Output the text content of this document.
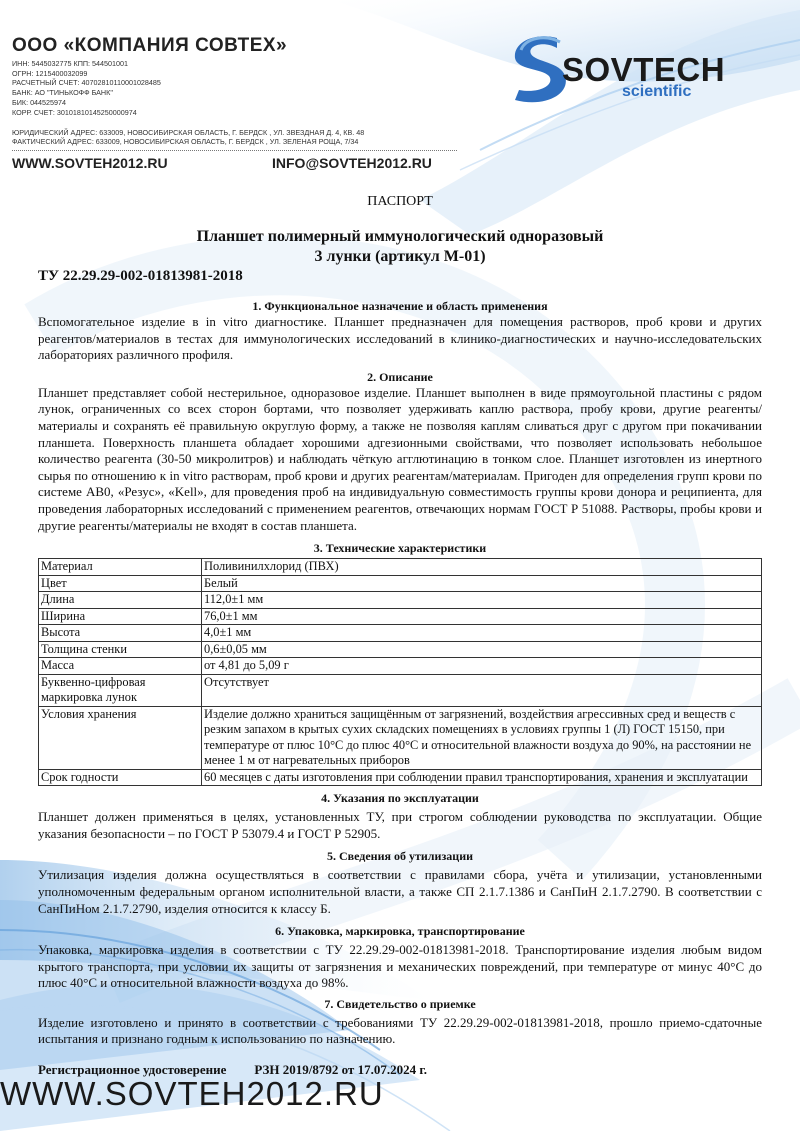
ООО «КОМПАНИЯ СОВТЕХ»
ИНН: 5445032775 КПП: 544501001
ОГРН: 1215400032099
РАСЧЕТНЫЙ СЧЕТ: 40702810110001028485
БАНК: АО "ТИНЬКОФФ БАНК"
БИК: 044525974
КОРР. СЧЕТ: 30101810145250000974
ЮРИДИЧЕСКИЙ АДРЕС: 633009, НОВОСИБИРСКАЯ ОБЛАСТЬ, Г. БЕРДСК , УЛ. ЗВЕЗДНАЯ Д. 4, КВ. 48
ФАКТИЧЕСКИЙ АДРЕС: 633009, НОВОСИБИРСКАЯ ОБЛАСТЬ, Г. БЕРДСК , УЛ. ЗЕЛЕНАЯ РОЩА, 7/34
WWW.SOVTEH2012.RU	INFO@SOVTEH2012.RU
SOVTECH
scientific
ПАСПОРТ
Планшет полимерный иммунологический одноразовый
3 лунки (артикул М-01)
ТУ 22.29.29-002-01813981-2018
1. Функциональное назначение и область применения

Вспомогательное изделие в in vitro диагностике. Планшет предназначен для помещения растворов, проб крови и других реагентов/материалов в тестах для иммунологических исследований в клинико-диагностических и научно-исследовательских лабораториях различного профиля.

2. Описание

Планшет представляет собой нестерильное, одноразовое изделие. Планшет выполнен в виде прямоугольной пластины с рядом лунок, ограниченных со всех сторон бортами, что позволяет удерживать каплю раствора, пробу крови, другие реагенты/материалы и сохранять её правильную округлую форму, а также не позволяя каплям сливаться друг с другом при покачивании планшета. Поверхность планшета обладает хорошими адгезионными свойствами, что позволяет использовать небольшое количество реагента (30-50 микролитров) и наблюдать чёткую агглютинацию в тонком слое. Планшет изготовлен из инертного сырья по отношению к in vitro растворам, проб крови и других реагентам/материалам. Пригоден для определения групп крови по системе АВ0, «Резус», «Kell», для проведения проб на индивидуальную совместимость группы крови донора и реципиента, для проведения лабораторных исследований с применением реагентов, отвечающих нормам ГОСТ Р 51088. Растворы, пробы крови и другие реагенты/материалы не входят в состав планшета.

3. Технические характеристики
Материал	Поливинилхлорид (ПВХ)
Цвет	Белый
Длина	112,0±1 мм
Ширина	76,0±1 мм
Высота	4,0±1 мм
Толщина стенки	0,6±0,05 мм
Масса	от 4,81 до 5,09 г
Буквенно-цифровая маркировка лунок	Отсутствует
Условия хранения	Изделие должно храниться защищённым от загрязнений, воздействия агрессивных сред и веществ с резким запахом в крытых сухих складских помещениях в условиях группы 1 (Л) ГОСТ 15150, при температуре от плюс 10°С до плюс 40°С и относительной влажности воздуха до 90%, на расстоянии не менее 1 м от нагревательных приборов
Срок годности	60 месяцев с даты изготовления при соблюдении правил транспортирования, хранения и эксплуатации
4. Указания по эксплуатации

Планшет должен применяться в целях, установленных ТУ, при строгом соблюдении руководства по эксплуатации. Общие указания безопасности – по ГОСТ Р 53079.4 и ГОСТ Р 52905.

5. Сведения об утилизации

Утилизация изделия должна осуществляться в соответствии с правилами сбора, учёта и утилизации, установленными уполномоченным федеральным органом исполнительной власти, а также СП 2.1.7.1386 и СанПиН 2.1.7.2790. В соответствии с СанПиНом 2.1.7.2790, изделия относится к классу Б.

6. Упаковка, маркировка, транспортирование

Упаковка, маркировка изделия в соответствии с ТУ 22.29.29-002-01813981-2018. Транспортирование изделия любым видом крытого транспорта, при условии их защиты от загрязнения и механических повреждений, при температуре от минус 40°С до плюс 40°С и относительной влажности воздуха до 98%.

7. Свидетельство о приемке

Изделие изготовлено и принято в соответствии с требованиями ТУ 22.29.29-002-01813981-2018, прошло приемо-сдаточные испытания и признано годным к использованию по назначению.

Регистрационное удостоверение РЗН 2019/8792 от 17.07.2024 г.
WWW.SOVTEH2012.RU
